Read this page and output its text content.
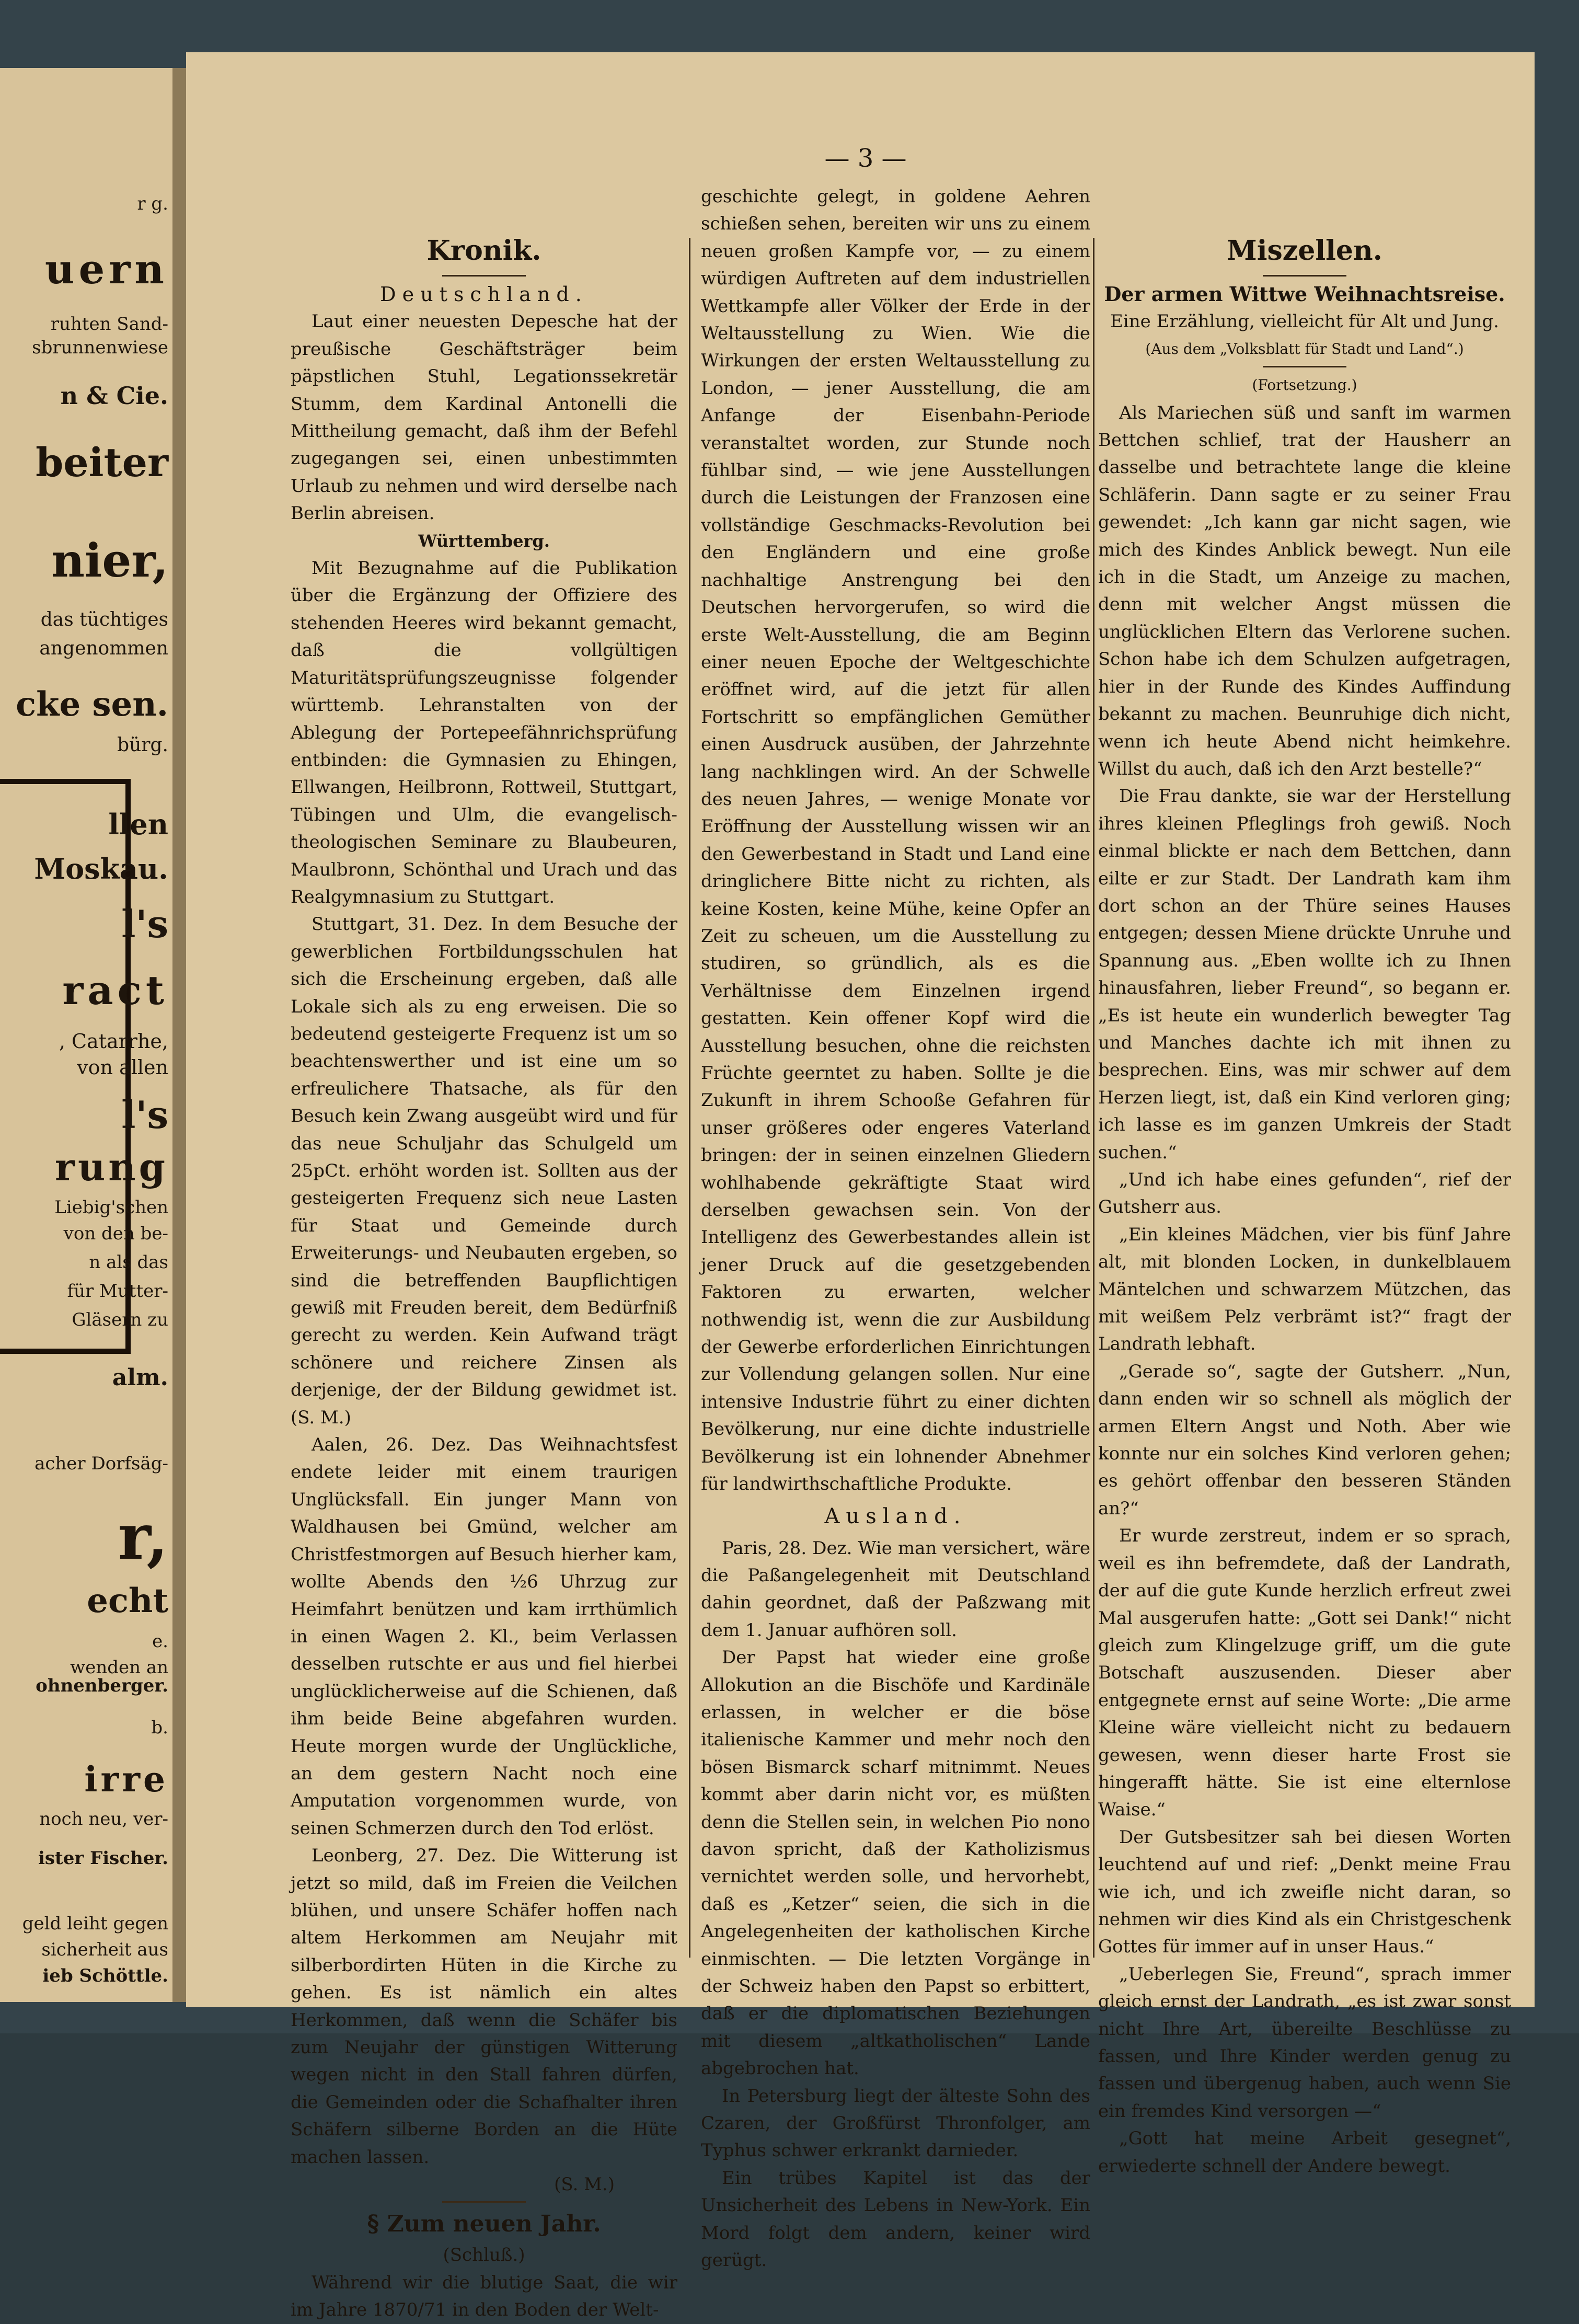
r g.
uern
ruhten Sand-
sbrunnenwiese
n & Cie.
beiter
nier,
das tüchtiges
angenommen
cke sen.
bürg.
llen
Moskau.
l's
ract
, Catarrhe,
von allen
l's
rung
Liebig'schen
von den be-
n als das
für Mutter-
Gläsern zu
alm.
acher Dorfsäg-
r,
echt
e.
wenden an
ohnenberger.
b.
irre
noch neu, ver-
ister Fischer.
geld leiht gegen
sicherheit aus
ieb Schöttle.
— 3 —

Kronik.

Deutschland.

Laut einer neuesten Depesche hat der preußische Geschäftsträger beim päpstlichen Stuhl, Legationssekretär Stumm, dem Kardinal Antonelli die Mittheilung gemacht, daß ihm der Befehl zugegangen sei, einen unbestimmten Urlaub zu nehmen und wird derselbe nach Berlin abreisen.

Württemberg.

Mit Bezugnahme auf die Publikation über die Ergänzung der Offiziere des stehenden Heeres wird bekannt gemacht, daß die vollgültigen Maturitätsprüfungszeugnisse folgender württemb. Lehranstalten von der Ablegung der Portepeefähnrichsprüfung entbinden: die Gymnasien zu Ehingen, Ellwangen, Heilbronn, Rottweil, Stuttgart, Tübingen und Ulm, die evangelisch-theologischen Seminare zu Blaubeuren, Maulbronn, Schönthal und Urach und das Realgymnasium zu Stuttgart.

Stuttgart, 31. Dez. In dem Besuche der gewerblichen Fortbildungsschulen hat sich die Erscheinung ergeben, daß alle Lokale sich als zu eng erweisen. Die so bedeutend gesteigerte Frequenz ist um so beachtenswerther und ist eine um so erfreulichere Thatsache, als für den Besuch kein Zwang ausgeübt wird und für das neue Schuljahr das Schulgeld um 25pCt. erhöht worden ist. Sollten aus der gesteigerten Frequenz sich neue Lasten für Staat und Gemeinde durch Erweiterungs- und Neubauten ergeben, so sind die betreffenden Baupflichtigen gewiß mit Freuden bereit, dem Bedürfniß gerecht zu werden. Kein Aufwand trägt schönere und reichere Zinsen als derjenige, der der Bildung gewidmet ist. (S. M.)

Aalen, 26. Dez. Das Weihnachtsfest endete leider mit einem traurigen Unglücksfall. Ein junger Mann von Waldhausen bei Gmünd, welcher am Christfestmorgen auf Besuch hierher kam, wollte Abends den ½6 Uhrzug zur Heimfahrt benützen und kam irrthümlich in einen Wagen 2. Kl., beim Verlassen desselben rutschte er aus und fiel hierbei unglücklicherweise auf die Schienen, daß ihm beide Beine abgefahren wurden. Heute morgen wurde der Unglückliche, an dem gestern Nacht noch eine Amputation vorgenommen wurde, von seinen Schmerzen durch den Tod erlöst.

Leonberg, 27. Dez. Die Witterung ist jetzt so mild, daß im Freien die Veilchen blühen, und unsere Schäfer hoffen nach altem Herkommen am Neujahr mit silberbordirten Hüten in die Kirche zu gehen. Es ist nämlich ein altes Herkommen, daß wenn die Schäfer bis zum Neujahr der günstigen Witterung wegen nicht in den Stall fahren dürfen, die Gemeinden oder die Schafhalter ihren Schäfern silberne Borden an die Hüte machen lassen.

(S. M.)

§ Zum neuen Jahr.

(Schluß.)

Während wir die blutige Saat, die wir im Jahre 1870/71 in den Boden der Welt-

geschichte gelegt, in goldene Aehren schießen sehen, bereiten wir uns zu einem neuen großen Kampfe vor, — zu einem würdigen Auftreten auf dem industriellen Wettkampfe aller Völker der Erde in der Weltausstellung zu Wien. Wie die Wirkungen der ersten Weltausstellung zu London, — jener Ausstellung, die am Anfange der Eisenbahn-Periode veranstaltet worden, zur Stunde noch fühlbar sind, — wie jene Ausstellungen durch die Leistungen der Franzosen eine vollständige Geschmacks-Revolution bei den Engländern und eine große nachhaltige Anstrengung bei den Deutschen hervorgerufen, so wird die erste Welt-Ausstellung, die am Beginn einer neuen Epoche der Weltgeschichte eröffnet wird, auf die jetzt für allen Fortschritt so empfänglichen Gemüther einen Ausdruck ausüben, der Jahrzehnte lang nachklingen wird. An der Schwelle des neuen Jahres, — wenige Monate vor Eröffnung der Ausstellung wissen wir an den Gewerbestand in Stadt und Land eine dringlichere Bitte nicht zu richten, als keine Kosten, keine Mühe, keine Opfer an Zeit zu scheuen, um die Ausstellung zu studiren, so gründlich, als es die Verhältnisse dem Einzelnen irgend gestatten. Kein offener Kopf wird die Ausstellung besuchen, ohne die reichsten Früchte geerntet zu haben. Sollte je die Zukunft in ihrem Schooße Gefahren für unser größeres oder engeres Vaterland bringen: der in seinen einzelnen Gliedern wohlhabende gekräftigte Staat wird derselben gewachsen sein. Von der Intelligenz des Gewerbestandes allein ist jener Druck auf die gesetzgebenden Faktoren zu erwarten, welcher nothwendig ist, wenn die zur Ausbildung der Gewerbe erforderlichen Einrichtungen zur Vollendung gelangen sollen. Nur eine intensive Industrie führt zu einer dichten Bevölkerung, nur eine dichte industrielle Bevölkerung ist ein lohnender Abnehmer für landwirthschaftliche Produkte.

Ausland.

Paris, 28. Dez. Wie man versichert, wäre die Paßangelegenheit mit Deutschland dahin geordnet, daß der Paßzwang mit dem 1. Januar aufhören soll.

Der Papst hat wieder eine große Allokution an die Bischöfe und Kardinäle erlassen, in welcher er die böse italienische Kammer und mehr noch den bösen Bismarck scharf mitnimmt. Neues kommt aber darin nicht vor, es müßten denn die Stellen sein, in welchen Pio nono davon spricht, daß der Katholizismus vernichtet werden solle, und hervorhebt, daß es „Ketzer“ seien, die sich in die Angelegenheiten der katholischen Kirche einmischten. — Die letzten Vorgänge in der Schweiz haben den Papst so erbittert, daß er die diplomatischen Beziehungen mit diesem „altkatholischen“ Lande abgebrochen hat.

In Petersburg liegt der älteste Sohn des Czaren, der Großfürst Thronfolger, am Typhus schwer erkrankt darnieder.

Ein trübes Kapitel ist das der Unsicherheit des Lebens in New-York. Ein Mord folgt dem andern, keiner wird gerügt.

Miszellen.

Der armen Wittwe Weihnachtsreise.

Eine Erzählung, vielleicht für Alt und Jung.

(Aus dem „Volksblatt für Stadt und Land“.)

(Fortsetzung.)

Als Mariechen süß und sanft im warmen Bettchen schlief, trat der Hausherr an dasselbe und betrachtete lange die kleine Schläferin. Dann sagte er zu seiner Frau gewendet: „Ich kann gar nicht sagen, wie mich des Kindes Anblick bewegt. Nun eile ich in die Stadt, um Anzeige zu machen, denn mit welcher Angst müssen die unglücklichen Eltern das Verlorene suchen. Schon habe ich dem Schulzen aufgetragen, hier in der Runde des Kindes Auffindung bekannt zu machen. Beunruhige dich nicht, wenn ich heute Abend nicht heimkehre. Willst du auch, daß ich den Arzt bestelle?“

Die Frau dankte, sie war der Herstellung ihres kleinen Pfleglings froh gewiß. Noch einmal blickte er nach dem Bettchen, dann eilte er zur Stadt. Der Landrath kam ihm dort schon an der Thüre seines Hauses entgegen; dessen Miene drückte Unruhe und Spannung aus. „Eben wollte ich zu Ihnen hinausfahren, lieber Freund“, so begann er. „Es ist heute ein wunderlich bewegter Tag und Manches dachte ich mit ihnen zu besprechen. Eins, was mir schwer auf dem Herzen liegt, ist, daß ein Kind verloren ging; ich lasse es im ganzen Umkreis der Stadt suchen.“

„Und ich habe eines gefunden“, rief der Gutsherr aus.

„Ein kleines Mädchen, vier bis fünf Jahre alt, mit blonden Locken, in dunkelblauem Mäntelchen und schwarzem Mützchen, das mit weißem Pelz verbrämt ist?“ fragt der Landrath lebhaft.

„Gerade so“, sagte der Gutsherr. „Nun, dann enden wir so schnell als möglich der armen Eltern Angst und Noth. Aber wie konnte nur ein solches Kind verloren gehen; es gehört offenbar den besseren Ständen an?“

Er wurde zerstreut, indem er so sprach, weil es ihn befremdete, daß der Landrath, der auf die gute Kunde herzlich erfreut zwei Mal ausgerufen hatte: „Gott sei Dank!“ nicht gleich zum Klingelzuge griff, um die gute Botschaft auszusenden. Dieser aber entgegnete ernst auf seine Worte: „Die arme Kleine wäre vielleicht nicht zu bedauern gewesen, wenn dieser harte Frost sie hingerafft hätte. Sie ist eine elternlose Waise.“

Der Gutsbesitzer sah bei diesen Worten leuchtend auf und rief: „Denkt meine Frau wie ich, und ich zweifle nicht daran, so nehmen wir dies Kind als ein Christgeschenk Gottes für immer auf in unser Haus.“

„Ueberlegen Sie, Freund“, sprach immer gleich ernst der Landrath, „es ist zwar sonst nicht Ihre Art, übereilte Beschlüsse zu fassen, und Ihre Kinder werden genug zu fassen und übergenug haben, auch wenn Sie ein fremdes Kind versorgen —“

„Gott hat meine Arbeit gesegnet“, erwiederte schnell der Andere bewegt.
